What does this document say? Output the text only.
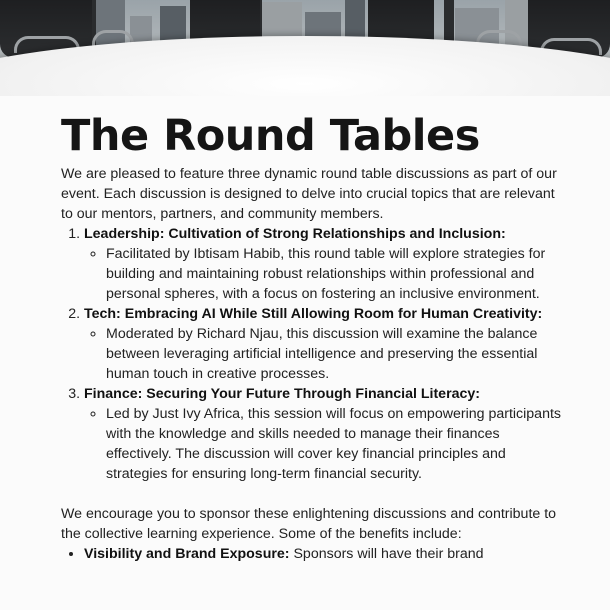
The Round Tables

We are pleased to feature three dynamic round table discussions as part of our event. Each discussion is designed to delve into crucial topics that are relevant to our mentors, partners, and community members.

1. Leadership: Cultivation of Strong Relationships and Inclusion:
◦ Facilitated by Ibtisam Habib, this round table will explore strategies for building and maintaining robust relationships within professional and personal spheres, with a focus on fostering an inclusive environment.
2. Tech: Embracing AI While Still Allowing Room for Human Creativity:
◦ Moderated by Richard Njau, this discussion will examine the balance between leveraging artificial intelligence and preserving the essential human touch in creative processes.
3. Finance: Securing Your Future Through Financial Literacy:
◦ Led by Just Ivy Africa, this session will focus on empowering participants with the knowledge and skills needed to manage their finances effectively. The discussion will cover key financial principles and strategies for ensuring long-term financial security.

We encourage you to sponsor these enlightening discussions and contribute to the collective learning experience. Some of the benefits include:

• Visibility and Brand Exposure: Sponsors will have their brand
